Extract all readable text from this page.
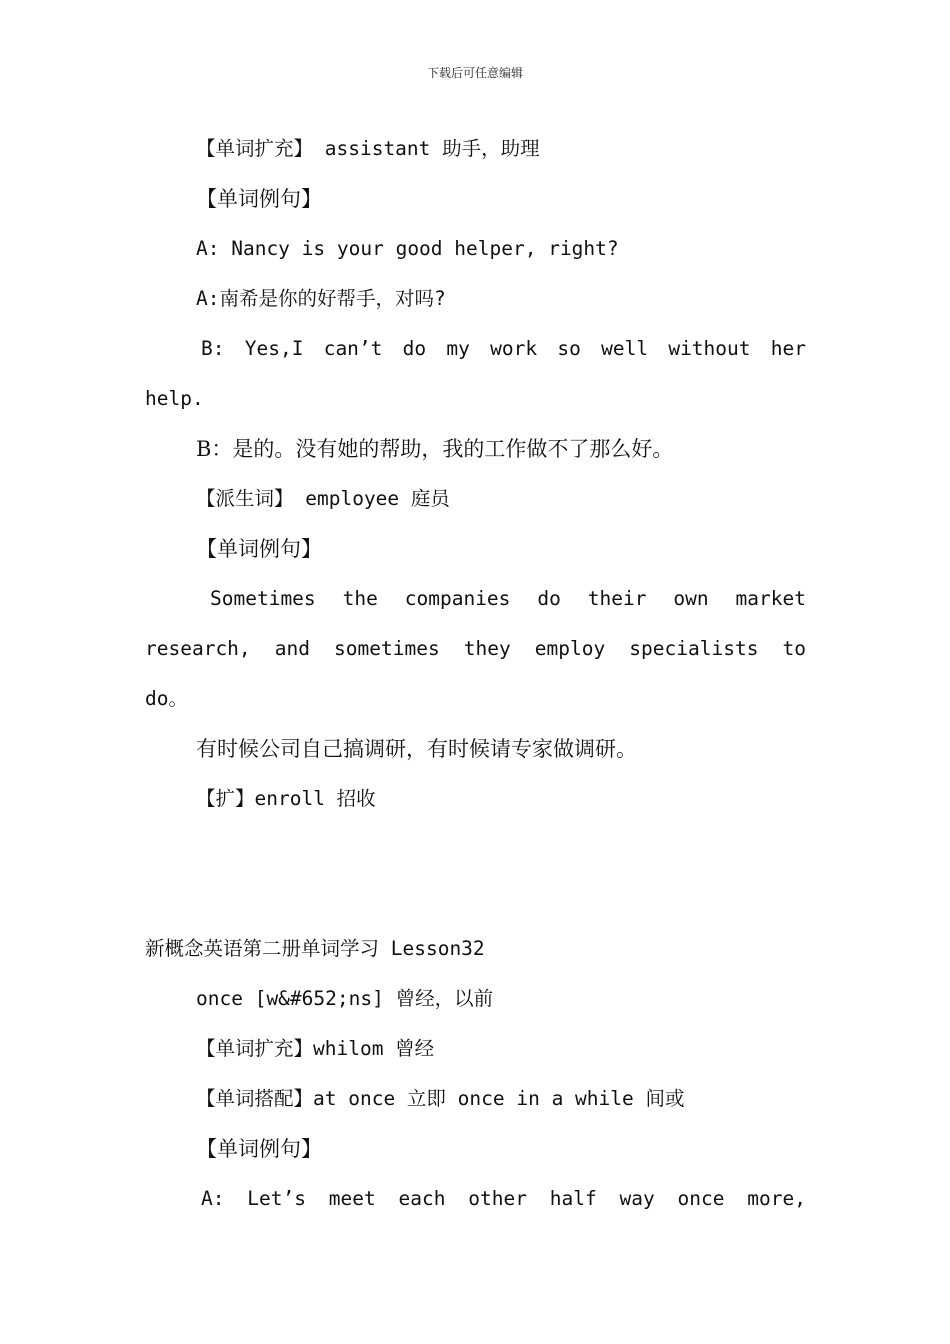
下载后可任意编辑
【单词扩充】 assistant 助手，助理
【单词例句】
A: Nancy is your good helper, right?
A:南希是你的好帮手，对吗?
B: Yes,I can’t do my work so well without her
help.
B：是的。没有她的帮助，我的工作做不了那么好。
【派生词】 employee 庭员
【单词例句】
Sometimes the companies do their own market
research, and sometimes they employ specialists to
do。
有时候公司自己搞调研，有时候请专家做调研。
【扩】enroll 招收
新概念英语第二册单词学习 Lesson32
once [w&#652;ns] 曾经，以前
【单词扩充】whilom 曾经
【单词搭配】at once 立即 once in a while 间或
【单词例句】
A: Let’s meet each other half way once more,
